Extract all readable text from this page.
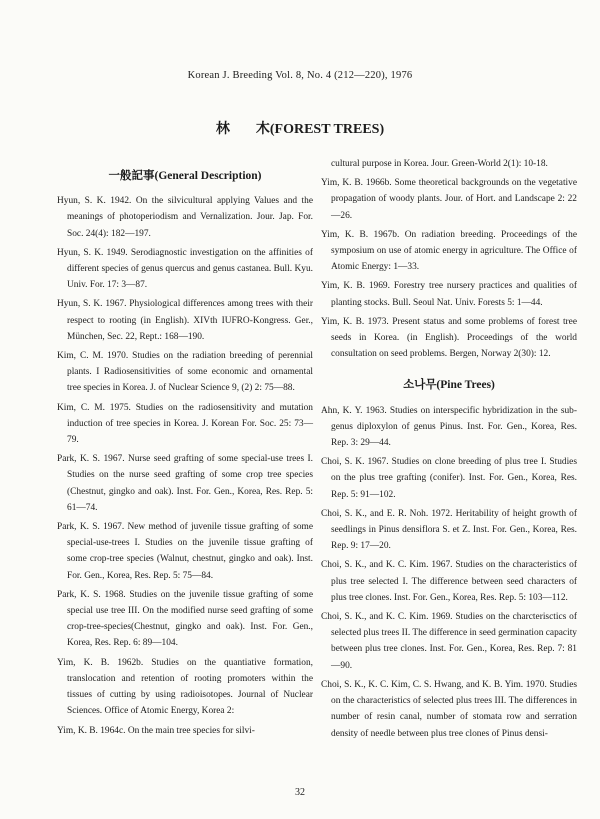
Korean J. Breeding Vol. 8, No. 4 (212—220), 1976
林 木(FOREST TREES)
一般記事(General Description)

Hyun, S. K. 1942. On the silvicultural applying Values and the meanings of photoperiodism and Vernalization. Jour. Jap. For. Soc. 24(4): 182—197.

Hyun, S. K. 1949. Serodiagnostic investigation on the affinities of different species of genus quercus and genus castanea. Bull. Kyu. Univ. For. 17: 3—87.

Hyun, S. K. 1967. Physiological differences among trees with their respect to rooting (in English). XIVth IUFRO-Kongress. Ger., München, Sec. 22, Rept.: 168—190.

Kim, C. M. 1970. Studies on the radiation breeding of perennial plants. I Radiosensitivities of some economic and ornamental tree species in Korea. J. of Nuclear Science 9, (2) 2: 75—88.

Kim, C. M. 1975. Studies on the radiosensitivity and mutation induction of tree species in Korea. J. Korean For. Soc. 25: 73—79.

Park, K. S. 1967. Nurse seed grafting of some special-use trees I. Studies on the nurse seed grafting of some crop tree species (Chestnut, gingko and oak). Inst. For. Gen., Korea, Res. Rep. 5: 61—74.

Park, K. S. 1967. New method of juvenile tissue grafting of some special-use-trees I. Studies on the juvenile tissue grafting of some crop-tree species (Walnut, chestnut, gingko and oak). Inst. For. Gen., Korea, Res. Rep. 5: 75—84.

Park, K. S. 1968. Studies on the juvenile tissue grafting of some special use tree III. On the modified nurse seed grafting of some crop-tree-species(Chestnut, gingko and oak). Inst. For. Gen., Korea, Res. Rep. 6: 89—104.

Yim, K. B. 1962b. Studies on the quantiative formation, translocation and retention of rooting promoters within the tissues of cutting by using radioisotopes. Journal of Nuclear Sciences. Office of Atomic Energy, Korea 2:

Yim, K. B. 1964c. On the main tree species for silvi-

cultural purpose in Korea. Jour. Green-World 2(1): 10-18.

Yim, K. B. 1966b. Some theoretical backgrounds on the vegetative propagation of woody plants. Jour. of Hort. and Landscape 2: 22—26.

Yim, K. B. 1967b. On radiation breeding. Proceedings of the symposium on use of atomic energy in agriculture. The Office of Atomic Energy: 1—33.

Yim, K. B. 1969. Forestry tree nursery practices and qualities of planting stocks. Bull. Seoul Nat. Univ. Forests 5: 1—44.

Yim, K. B. 1973. Present status and some problems of forest tree seeds in Korea. (in English). Proceedings of the world consultation on seed problems. Bergen, Norway 2(30): 12.

소나무(Pine Trees)

Ahn, K. Y. 1963. Studies on interspecific hybridization in the sub-genus diploxylon of genus Pinus. Inst. For. Gen., Korea, Res. Rep. 3: 29—44.

Choi, S. K. 1967. Studies on clone breeding of plus tree I. Studies on the plus tree grafting (conifer). Inst. For. Gen., Korea, Res. Rep. 5: 91—102.

Choi, S. K., and E. R. Noh. 1972. Heritability of height growth of seedlings in Pinus densiflora S. et Z. Inst. For. Gen., Korea, Res. Rep. 9: 17—20.

Choi, S. K., and K. C. Kim. 1967. Studies on the characteristics of plus tree selected I. The difference between seed characters of plus tree clones. Inst. For. Gen., Korea, Res. Rep. 5: 103—112.

Choi, S. K., and K. C. Kim. 1969. Studies on the charcterisctics of selected plus trees II. The difference in seed germination capacity between plus tree clones. Inst. For. Gen., Korea, Res. Rep. 7: 81—90.

Choi, S. K., K. C. Kim, C. S. Hwang, and K. B. Yim. 1970. Studies on the characteristics of selected plus trees III. The differences in number of resin canal, number of stomata row and serration density of needle between plus tree clones of Pinus densi-

32
